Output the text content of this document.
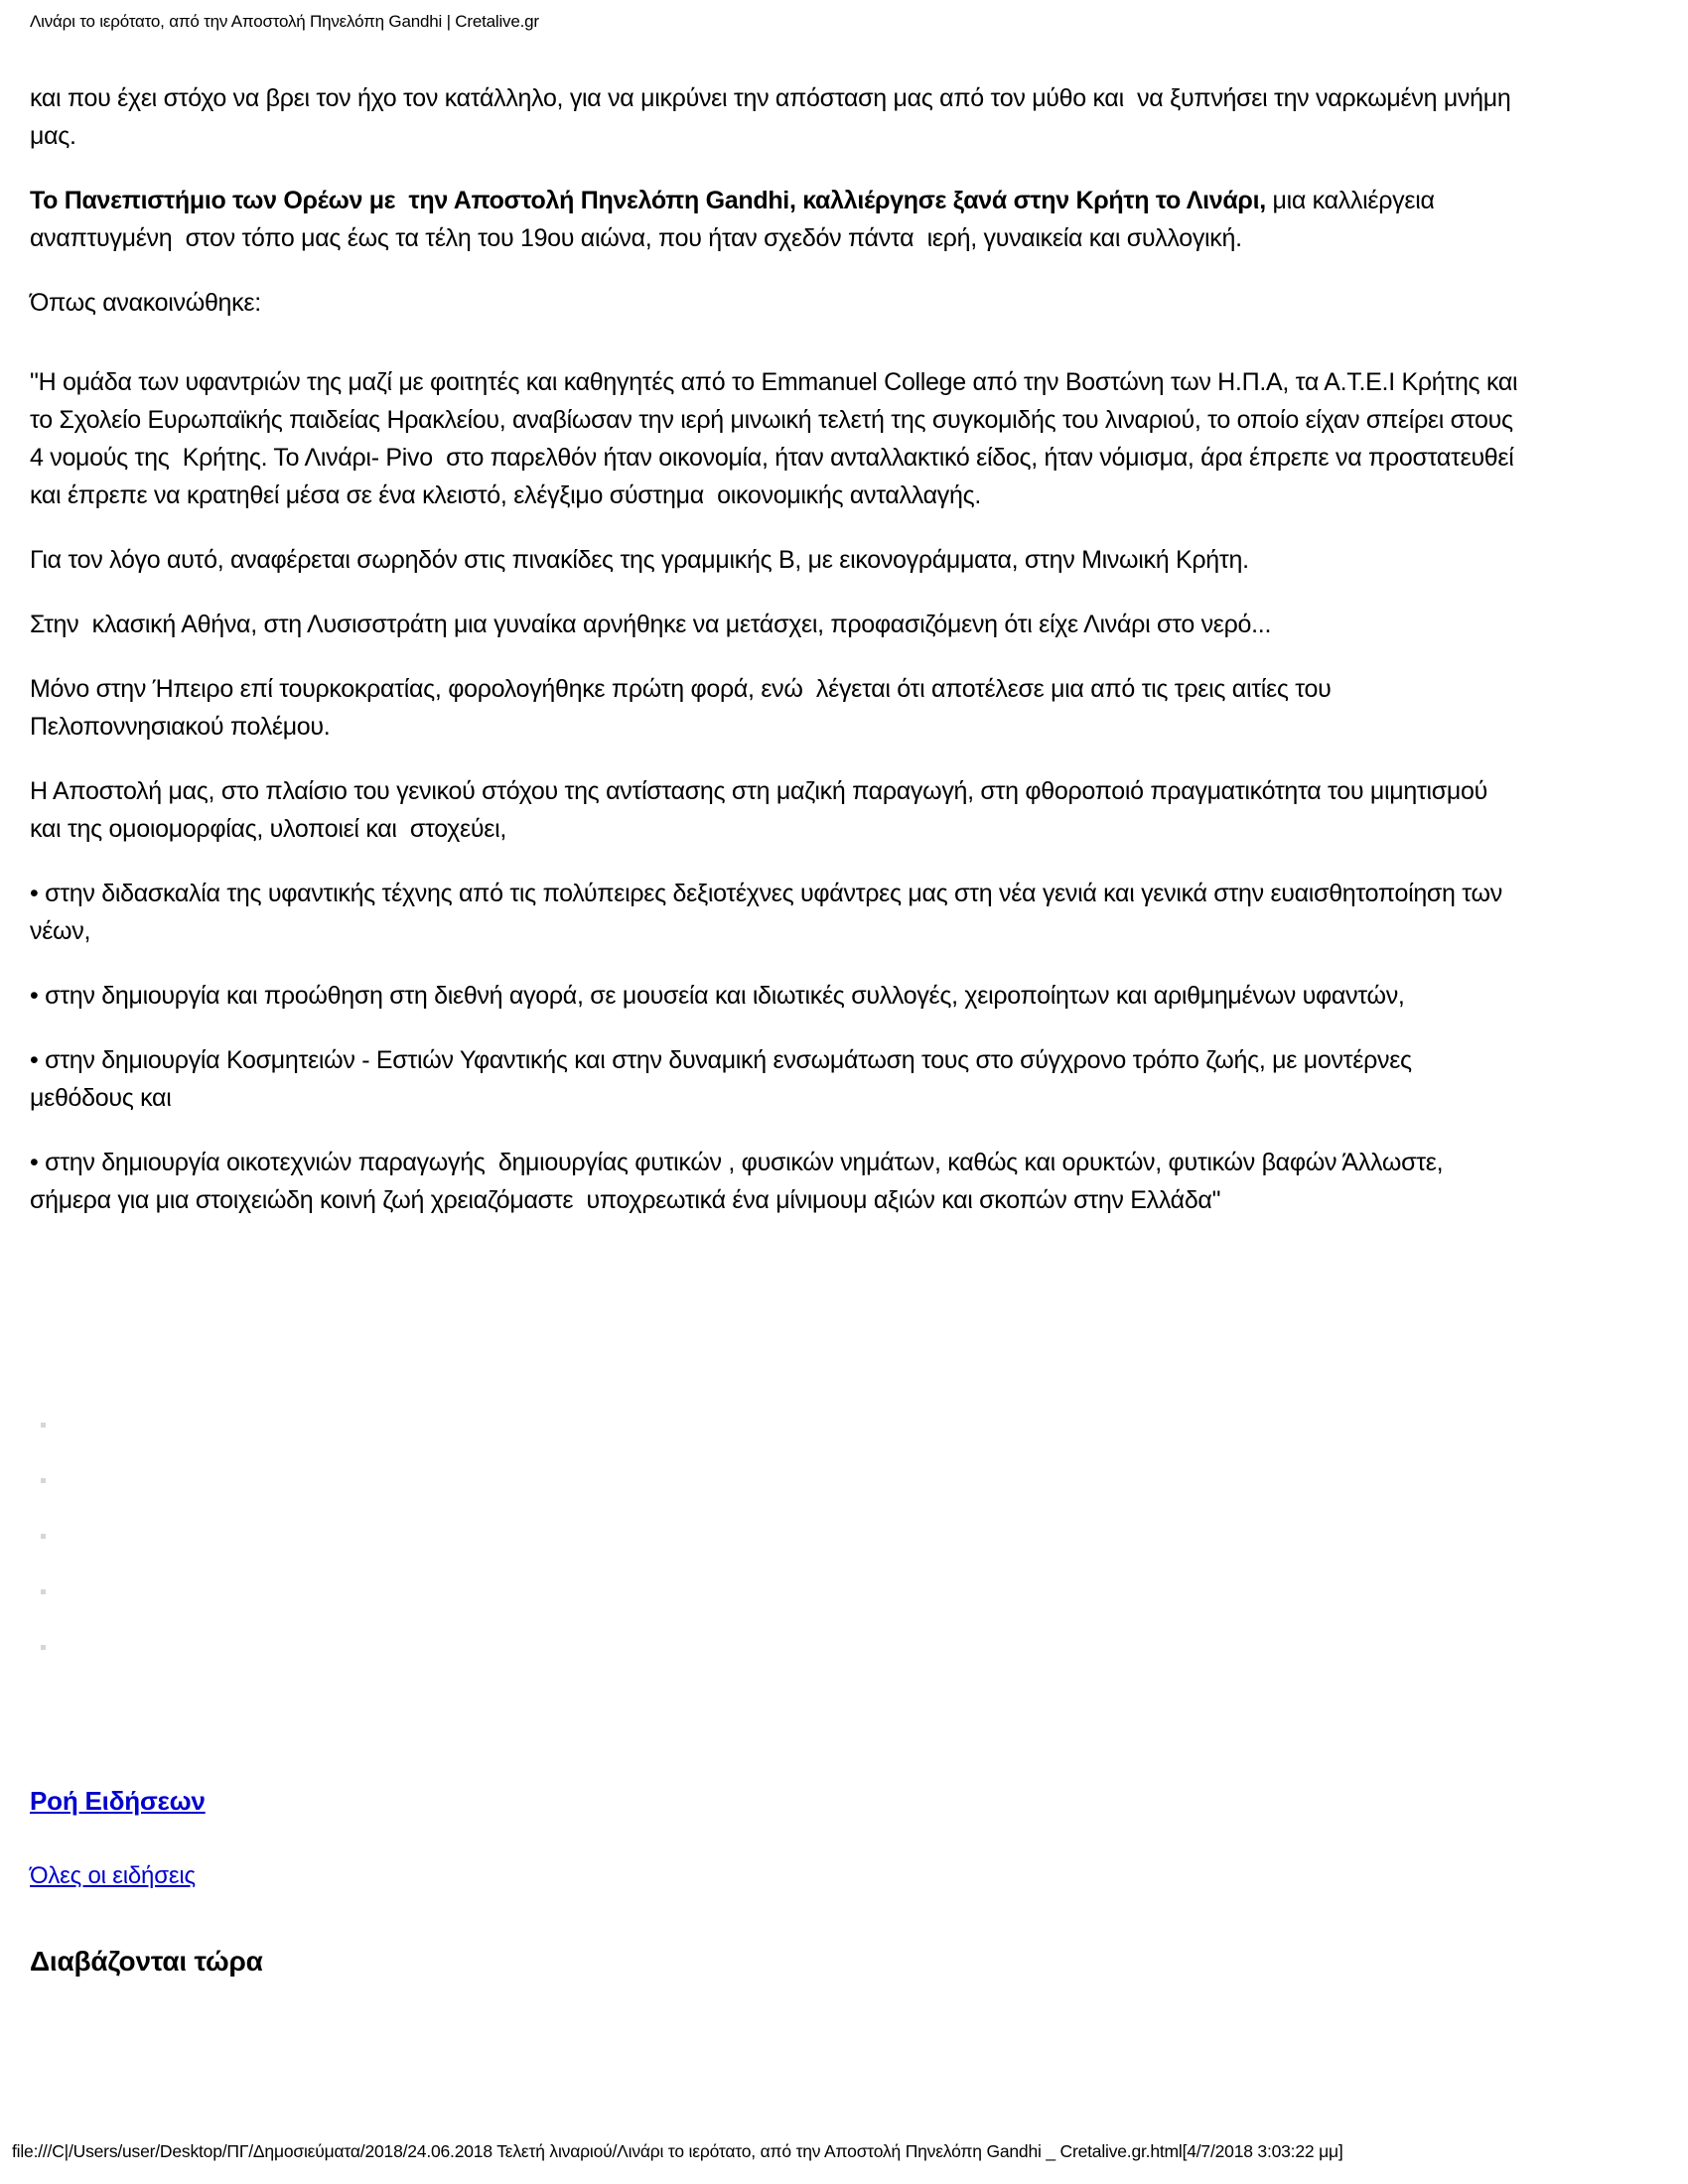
Λινάρι το ιερότατο, από την Αποστολή Πηνελόπη Gandhi | Cretalive.gr

και που έχει στόχο να βρει τον ήχο τον κατάλληλο, για να μικρύνει την απόσταση μας από τον μύθο και  να ξυπνήσει την ναρκωμένη μνήμη μας.

Το Πανεπιστήμιο των Ορέων με  την Αποστολή Πηνελόπη Gandhi, καλλιέργησε ξανά στην Κρήτη το Λινάρι, μια καλλιέργεια αναπτυγμένη  στον τόπο μας έως τα τέλη του 19ου αιώνα, που ήταν σχεδόν πάντα  ιερή, γυναικεία και συλλογική.

Όπως ανακοινώθηκε:

"Η ομάδα των υφαντριών της μαζί με φοιτητές και καθηγητές από το Emmanuel College από την Βοστώνη των Η.Π.Α, τα Α.Τ.Ε.Ι Κρήτης και το Σχολείο Ευρωπαϊκής παιδείας Ηρακλείου, αναβίωσαν την ιερή μινωική τελετή της συγκομιδής του λιναριού, το οποίο είχαν σπείρει στους 4 νομούς της  Κρήτης. Το Λινάρι- Pivo  στο παρελθόν ήταν οικονομία, ήταν ανταλλακτικό είδος, ήταν νόμισμα, άρα έπρεπε να προστατευθεί και έπρεπε να κρατηθεί μέσα σε ένα κλειστό, ελέγξιμο σύστημα  οικονομικής ανταλλαγής.

Για τον λόγο αυτό, αναφέρεται σωρηδόν στις πινακίδες της γραμμικής Β, με εικονογράμματα, στην Μινωική Κρήτη.

Στην  κλασική Αθήνα, στη Λυσισστράτη μια γυναίκα αρνήθηκε να μετάσχει, προφασιζόμενη ότι είχε Λινάρι στο νερό...

Μόνο στην Ήπειρο επί τουρκοκρατίας, φορολογήθηκε πρώτη φορά, ενώ  λέγεται ότι αποτέλεσε μια από τις τρεις αιτίες του Πελοποννησιακού πολέμου.

Η Αποστολή μας, στο πλαίσιο του γενικού στόχου της αντίστασης στη μαζική παραγωγή, στη φθοροποιό πραγματικότητα του μιμητισμού και της ομοιομορφίας, υλοποιεί και  στοχεύει,

• στην διδασκαλία της υφαντικής τέχνης από τις πολύπειρες δεξιοτέχνες υφάντρες μας στη νέα γενιά και γενικά στην ευαισθητοποίηση των νέων,

• στην δημιουργία και προώθηση στη διεθνή αγορά, σε μουσεία και ιδιωτικές συλλογές, χειροποίητων και αριθμημένων υφαντών,

• στην δημιουργία Κοσμητειών - Εστιών Υφαντικής και στην δυναμική ενσωμάτωση τους στο σύγχρονο τρόπο ζωής, με μοντέρνες μεθόδους και

• στην δημιουργία οικοτεχνιών παραγωγής  δημιουργίας φυτικών , φυσικών νημάτων, καθώς και ορυκτών, φυτικών βαφών Άλλωστε, σήμερα για μια στοιχειώδη κοινή ζωή χρειαζόμαστε  υποχρεωτικά ένα μίνιμουμ αξιών και σκοπών στην Ελλάδα"

Ροή Ειδήσεων
Όλες οι ειδήσεις
Διαβάζονται τώρα
file:///C|/Users/user/Desktop/ΠΓ/Δημοσιεύματα/2018/24.06.2018 Τελετή λιναριού/Λινάρι το ιερότατο, από την Αποστολή Πηνελόπη Gandhi _ Cretalive.gr.html[4/7/2018 3:03:22 μμ]
